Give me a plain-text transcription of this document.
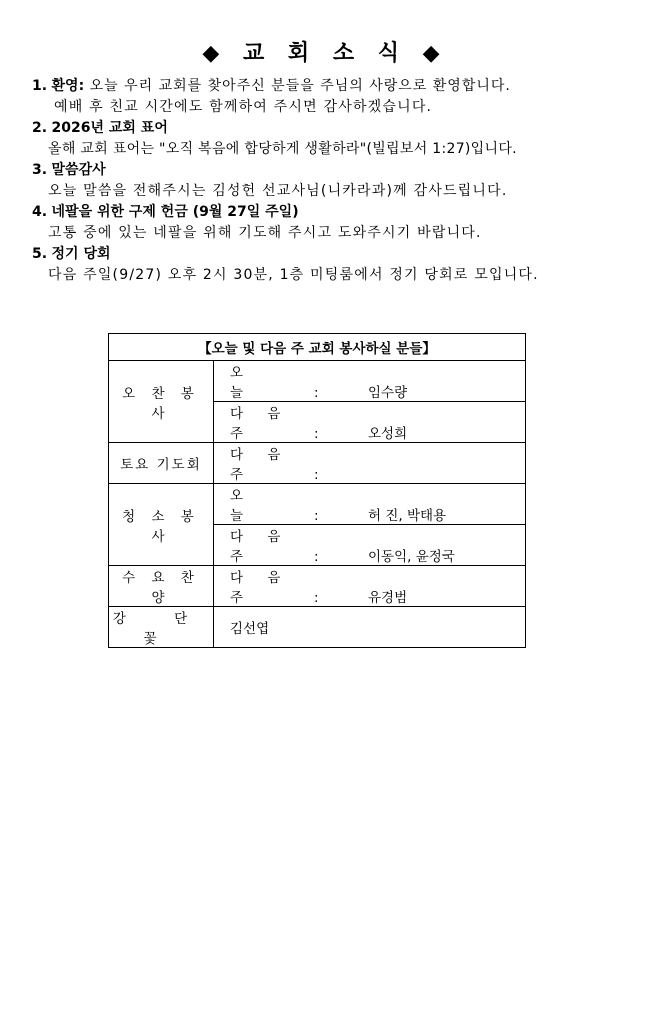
◆ 교 회 소 식 ◆
1. 환영: 오늘 우리 교회를 찾아주신 분들을 주님의 사랑으로 환영합니다.
예배 후 친교 시간에도 함께하여 주시면 감사하겠습니다.
2. 2026년 교회 표어
올해 교회 표어는 "오직 복음에 합당하게 생활하라"(빌립보서 1:27)입니다.
3. 말씀감사
오늘 말씀을 전해주시는 김성헌 선교사님(니카라과)께 감사드립니다.
4. 네팔을 위한 구제 헌금 (9월 27일 주일)
고통 중에 있는 네팔을 위해 기도해 주시고 도와주시기 바랍니다.
5. 정기 당회
다음 주일(9/27) 오후 2시 30분, 1층 미팅룸에서 정기 당회로 모입니다.
【오늘 및 다음 주 교회 봉사하실 분들】	
오 찬 봉 사	오 늘 : 임수량
	다 음 주 : 오성희
토요 기도회	다 음 주 :
청 소 봉 사	오 늘 : 허 진, 박태용
	다 음 주 : 이동익, 윤정국
수 요 찬 양	다 음 주 : 유경범
강 단 꽃	김선엽
